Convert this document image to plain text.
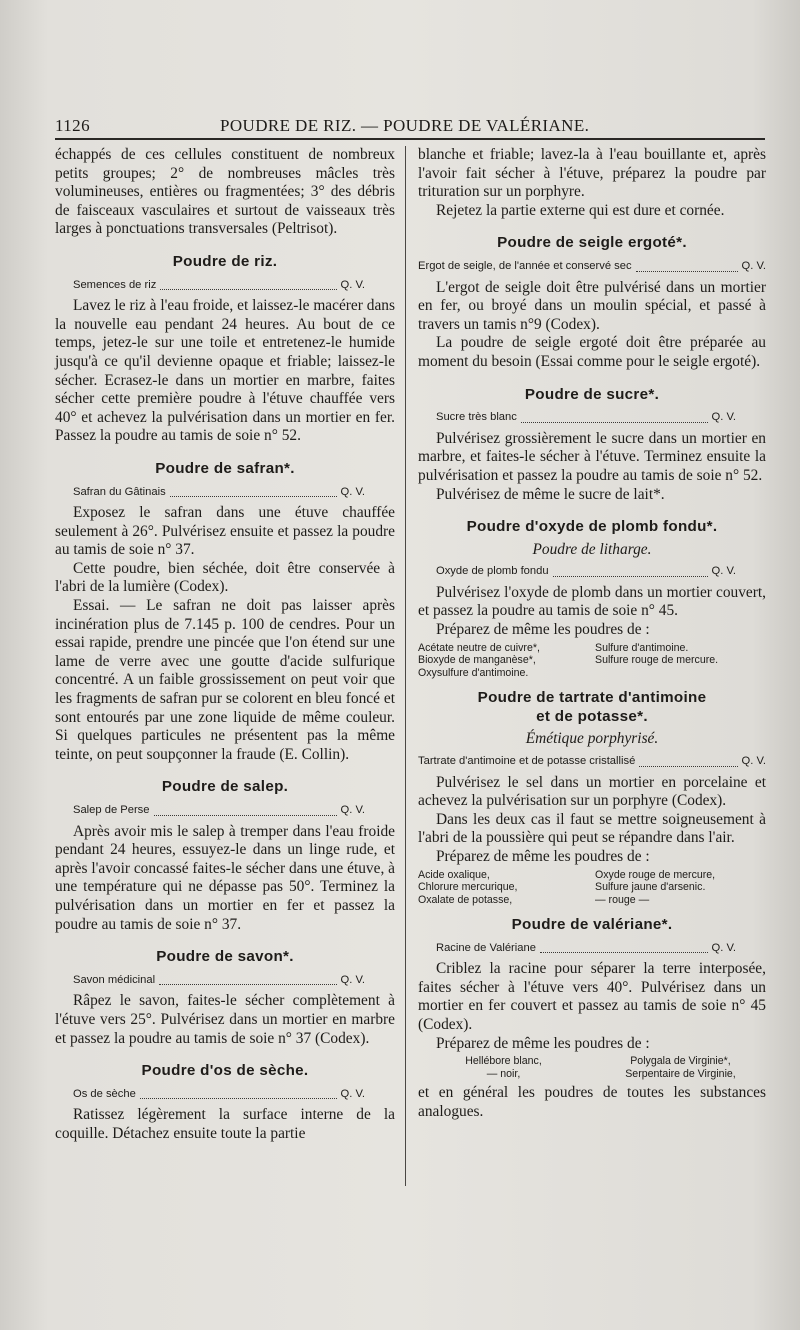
1126	POUDRE DE RIZ. — POUDRE DE VALÉRIANE.

échappés de ces cellules constituent de nombreux petits groupes; 2° de nombreuses mâcles très volumineuses, entières ou fragmentées; 3° des débris de faisceaux vasculaires et surtout de vaisseaux très larges à ponctuations transversales (Peltrisot).

Poudre de riz.
Semences de riz	Q. V.

Lavez le riz à l'eau froide, et laissez-le macérer dans la nouvelle eau pendant 24 heures. Au bout de ce temps, jetez-le sur une toile et entretenez-le humide jusqu'à ce qu'il devienne opaque et friable; laissez-le sécher. Ecrasez-le dans un mortier en marbre, faites sécher cette première poudre à l'étuve chauffée vers 40° et achevez la pulvérisation dans un mortier en fer. Passez la poudre au tamis de soie n° 52.

Poudre de safran*.
Safran du Gâtinais	Q. V.

Exposez le safran dans une étuve chauffée seulement à 26°. Pulvérisez ensuite et passez la poudre au tamis de soie n° 37.

Cette poudre, bien séchée, doit être conservée à l'abri de la lumière (Codex).

Essai. — Le safran ne doit pas laisser après incinération plus de 7.145 p. 100 de cendres. Pour un essai rapide, prendre une pincée que l'on étend sur une lame de verre avec une goutte d'acide sulfurique concentré. A un faible grossissement on peut voir que les fragments de safran pur se colorent en bleu foncé et sont entourés par une zone liquide de même couleur. Si quelques particules ne présentent pas la même teinte, on peut soupçonner la fraude (E. Collin).

Poudre de salep.
Salep de Perse	Q. V.

Après avoir mis le salep à tremper dans l'eau froide pendant 24 heures, essuyez-le dans un linge rude, et après l'avoir concassé faites-le sécher dans une étuve, à une température qui ne dépasse pas 50°. Terminez la pulvérisation dans un mortier en fer et passez la poudre au tamis de soie n° 37.

Poudre de savon*.
Savon médicinal	Q. V.

Râpez le savon, faites-le sécher complètement à l'étuve vers 25°. Pulvérisez dans un mortier en marbre et passez la poudre au tamis de soie n° 37 (Codex).

Poudre d'os de sèche.
Os de sèche	Q. V.

Ratissez légèrement la surface interne de la coquille. Détachez ensuite toute la partie

blanche et friable; lavez-la à l'eau bouillante et, après l'avoir fait sécher à l'étuve, préparez la poudre par trituration sur un porphyre.

Rejetez la partie externe qui est dure et cornée.

Poudre de seigle ergoté*.
Ergot de seigle, de l'année et conservé sec	Q. V.

L'ergot de seigle doit être pulvérisé dans un mortier en fer, ou broyé dans un moulin spécial, et passé à travers un tamis n°9 (Codex).

La poudre de seigle ergoté doit être préparée au moment du besoin (Essai comme pour le seigle ergoté).

Poudre de sucre*.
Sucre très blanc	Q. V.

Pulvérisez grossièrement le sucre dans un mortier en marbre, et faites-le sécher à l'étuve. Terminez ensuite la pulvérisation et passez la poudre au tamis de soie n° 52.

Pulvérisez de même le sucre de lait*.

Poudre d'oxyde de plomb fondu*.

Poudre de litharge.

Oxyde de plomb fondu	Q. V.

Pulvérisez l'oxyde de plomb dans un mortier couvert, et passez la poudre au tamis de soie n° 45.

Préparez de même les poudres de :

Acétate neutre de cuivre*,	Sulfure d'antimoine.
Bioxyde de manganèse*,	Sulfure rouge de mercure.
Oxysulfure d'antimoine.
Poudre de tartrate d'antimoine
et de potasse*.

Émétique porphyrisé.

Tartrate d'antimoine et de potasse cristallisé	Q. V.

Pulvérisez le sel dans un mortier en porcelaine et achevez la pulvérisation sur un porphyre (Codex).

Dans les deux cas il faut se mettre soigneusement à l'abri de la poussière qui peut se répandre dans l'air.

Préparez de même les poudres de :

Acide oxalique,	Oxyde rouge de mercure,
Chlorure mercurique,	Sulfure jaune d'arsenic.
Oxalate de potasse,	— rouge —
Poudre de valériane*.
Racine de Valériane	Q. V.

Criblez la racine pour séparer la terre interposée, faites sécher à l'étuve vers 40°. Pulvérisez dans un mortier en fer couvert et passez au tamis de soie n° 45 (Codex).

Préparez de même les poudres de :

Hellébore blanc,	Polygala de Virginie*,
— noir,	Serpentaire de Virginie,

et en général les poudres de toutes les substances analogues.
